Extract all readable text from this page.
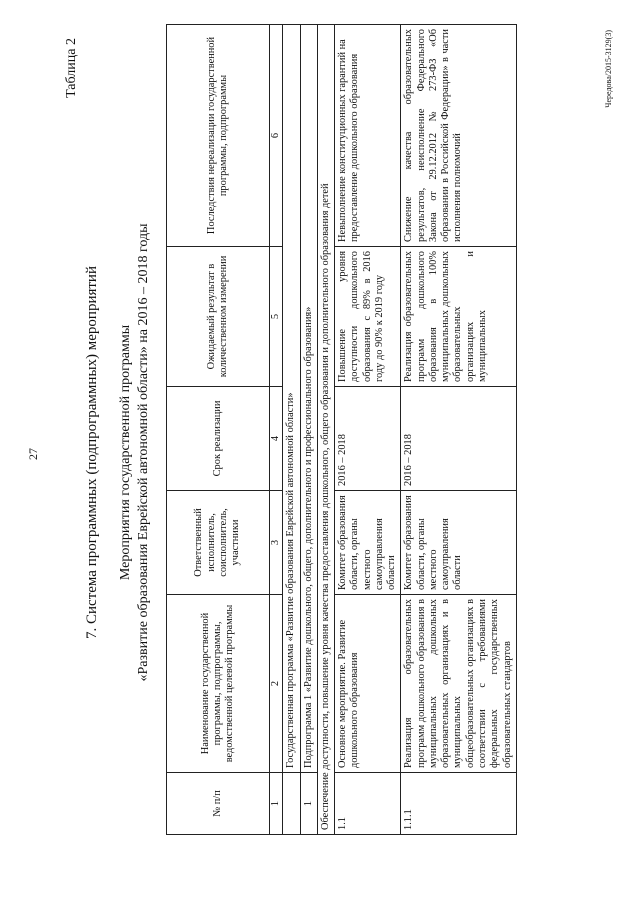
27
Таблица 2
7. Система программных (подпрограммных) мероприятий Мероприятия государственной программы «Развитие образования Еврейской автономной области» на 2016 – 2018 годы
№ п/п	Наименование государственной программы, подпрограммы, ведомственной целевой программы	Ответственный исполнитель, соисполнитель, участники	Срок реализации	Ожидаемый результат в количественном измерении	Последствия нереализации государственной программы, подпрограммы
1	2	3	4	5	6
	Государственная программа «Развитие образования Еврейской автономной области»				
1	Подпрограмма 1 «Развитие дошкольного, общего, дополнительного и профессионального образования»				
Обеспечение доступности, повышение уровня качества предоставления дошкольного, общего образования и дополнительного образования детей					
1.1	Основное мероприятие. Развитие дошкольного образования	Комитет образования области, органы местного самоуправления области	2016 – 2018	Повышение уровня доступности дошкольного образования с 89% в 2016 году до 90% к 2019 году	Невыполнение конституционных гарантий на предоставление дошкольного образования
1.1.1	Реализация образовательных программ дошкольного образования в муниципальных дошкольных образовательных организациях и в муниципальных общеобразовательных организациях в соответствии с требованиями федеральных государственных образовательных стандартов	Комитет образования области, органы местного самоуправления области	2016 – 2018	Реализация образовательных программ дошкольного образования в 100% муниципальных дошкольных образовательных организациях и муниципальных	Снижение качества образовательных результатов, неисполнение Федерального Закона от 29.12.2012 № 273-ФЗ «Об образовании в Российской Федерации» в части исполнения полномочий
Чередова/2015-3129(3)
